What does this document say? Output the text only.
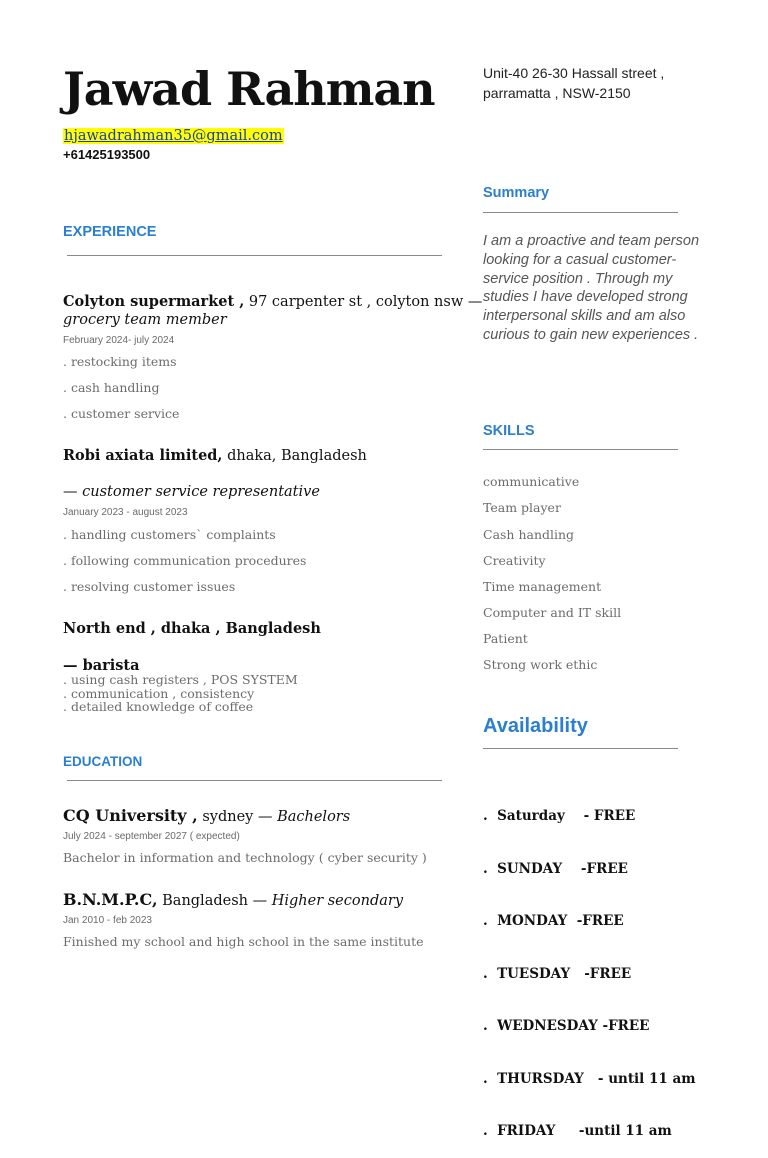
Jawad Rahman
hjawadrahman35@gmail.com
+61425193500
Unit-40 26-30 Hassall street ,
parramatta , NSW-2150
EXPERIENCE
Colyton supermarket , 97 carpenter st , colyton nsw —
grocery team member
February 2024- july 2024
. restocking items
. cash handling
. customer service
Robi axiata limited, dhaka, Bangladesh
— customer service representative
January 2023 - august 2023
. handling customers` complaints
. following communication procedures
. resolving customer issues
North end , dhaka , Bangladesh
— barista
. using cash registers , POS SYSTEM
. communication , consistency
. detailed knowledge of coffee
EDUCATION
CQ University , sydney — Bachelors
July 2024 - september 2027 ( expected)
Bachelor in information and technology ( cyber security )
B.N.M.P.C, Bangladesh — Higher secondary
Jan 2010 - feb 2023
Finished my school and high school in the same institute
Summary
I am a proactive and team person looking for a casual customer- service position . Through my studies I have developed strong interpersonal skills and am also curious to gain new experiences .
SKILLS
communicative
Team player
Cash handling
Creativity
Time management
Computer and IT skill
Patient
Strong work ethic
Availability

.  Saturday    - FREE

.  SUNDAY    -FREE

.  MONDAY  -FREE

.  TUESDAY   -FREE

.  WEDNESDAY -FREE

.  THURSDAY   - until 11 am

.  FRIDAY     -until 11 am
